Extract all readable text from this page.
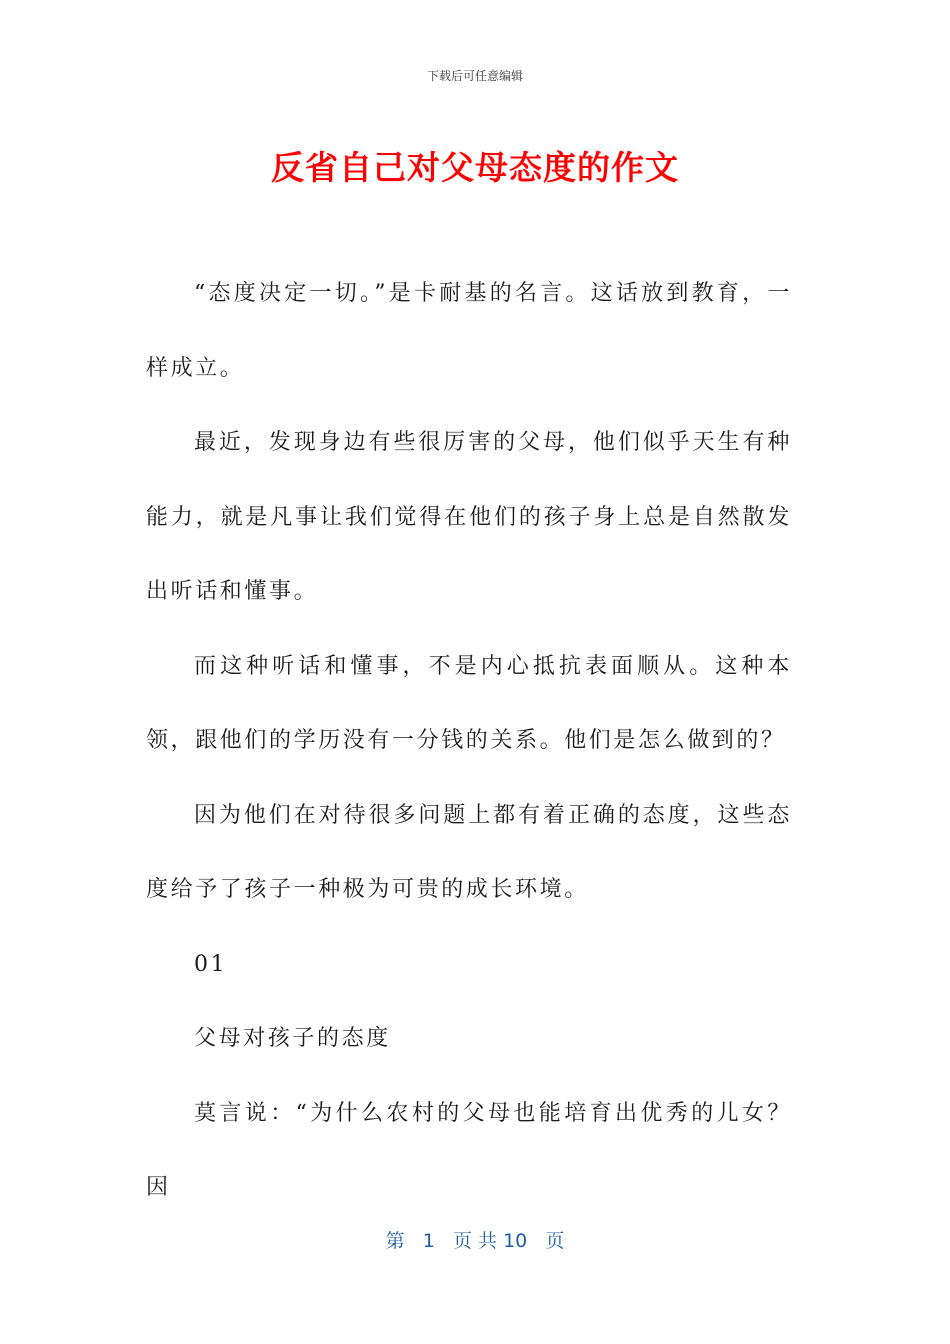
下载后可任意编辑
反省自己对父母态度的作文

“态度决定一切。”是卡耐基的名言。这话放到教育，一样成立。

最近，发现身边有些很厉害的父母，他们似乎天生有种能力，就是凡事让我们觉得在他们的孩子身上总是自然散发出听话和懂事。

而这种听话和懂事，不是内心抵抗表面顺从。这种本领，跟他们的学历没有一分钱的关系。他们是怎么做到的？

因为他们在对待很多问题上都有着正确的态度，这些态度给予了孩子一种极为可贵的成长环境。

01

父母对孩子的态度

莫言说：“为什么农村的父母也能培育出优秀的儿女？因

第 1 页 共 10 页
